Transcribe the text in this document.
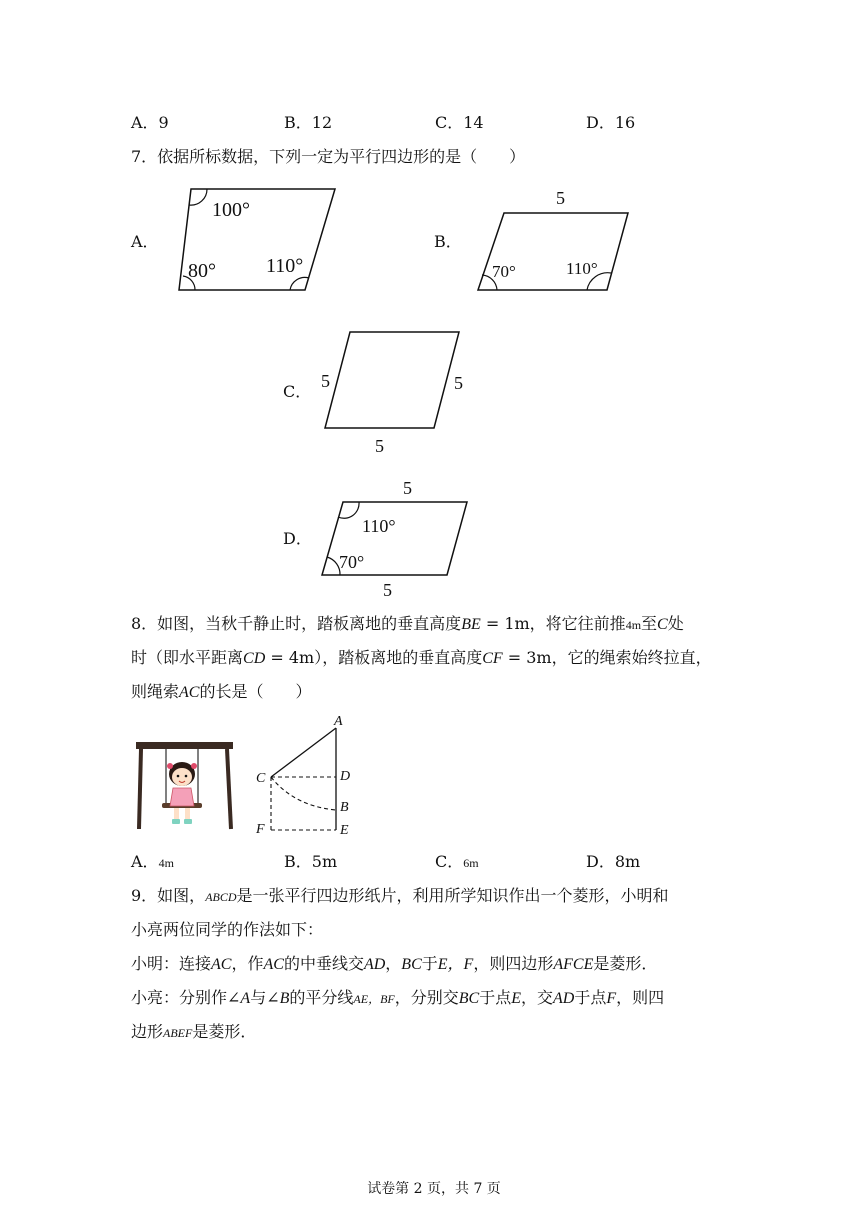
A．9	B．12	C．14	D．16
7．依据所标数据，下列一定为平行四边形的是（　　）
A．
100°
80°	110°
B．
5
70°	110°
C．
5	5
5
D．
5
110°
70°
5
8．如图，当秋千静止时，踏板离地的垂直高度BE = 1m，将它往前推4m至C处
时（即水平距离CD = 4m），踏板离地的垂直高度CF = 3m，它的绳索始终拉直，
则绳索AC的长是（　　）
A
C	D
B
F	E
A．4m	B．5m	C．6m	D．8m
9．如图，ABCD是一张平行四边形纸片，利用所学知识作出一个菱形，小明和
小亮两位同学的作法如下：
小明：连接AC，作AC的中垂线交AD，BC于E，F，则四边形AFCE是菱形．
小亮：分别作∠A与∠B的平分线AE，BF，分别交BC于点E，交AD于点F，则四
边形ABEF是菱形．
试卷第 2 页，共 7 页
